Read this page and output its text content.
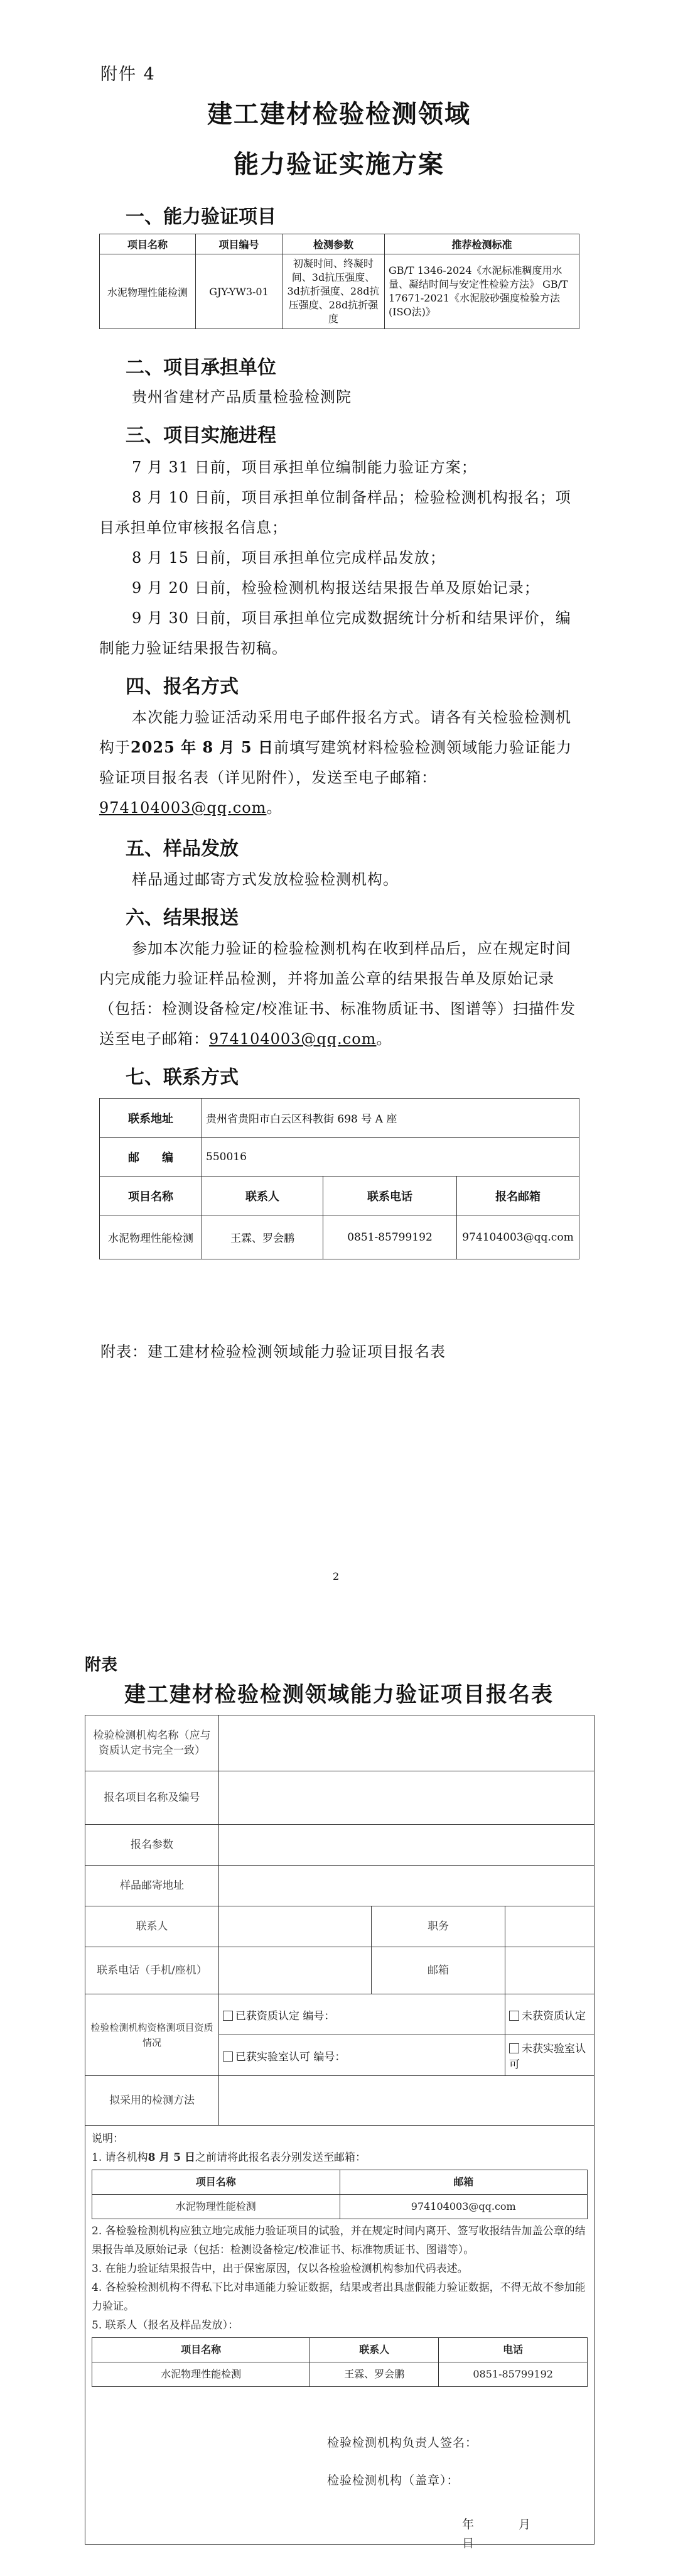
附件 4
建工建材检验检测领域
能力验证实施方案
一、能力验证项目
项目名称	项目编号	检测参数	推荐检测标准
水泥物理性能检测	GJY-YW3-01	初凝时间、终凝时间、3d抗压强度、3d抗折强度、28d抗压强度、28d抗折强度	GB/T 1346-2024《水泥标准稠度用水量、凝结时间与安定性检验方法》 GB/T 17671-2021《水泥胶砂强度检验方法(ISO法)》
二、项目承担单位
贵州省建材产品质量检验检测院
三、项目实施进程
7 月 31 日前，项目承担单位编制能力验证方案；
8 月 10 日前，项目承担单位制备样品；检验检测机构报名；项目承担单位审核报名信息；
8 月 15 日前，项目承担单位完成样品发放；
9 月 20 日前，检验检测机构报送结果报告单及原始记录；
9 月 30 日前，项目承担单位完成数据统计分析和结果评价，编制能力验证结果报告初稿。
四、报名方式
本次能力验证活动采用电子邮件报名方式。请各有关检验检测机构于2025 年 8 月 5 日前填写建筑材料检验检测领域能力验证能力验证项目报名表（详见附件），发送至电子邮箱：974104003@qq.com。
五、样品发放
样品通过邮寄方式发放检验检测机构。
六、结果报送
参加本次能力验证的检验检测机构在收到样品后，应在规定时间内完成能力验证样品检测，并将加盖公章的结果报告单及原始记录（包括：检测设备检定/校准证书、标准物质证书、图谱等）扫描件发送至电子邮箱：974104003@qq.com。
七、联系方式
联系地址	贵州省贵阳市白云区科教街 698 号 A 座		
邮　　编	550016		
项目名称	联系人	联系电话	报名邮箱
水泥物理性能检测	王霖、罗会鹏	0851-85799192	974104003@qq.com
附表：建工建材检验检测领域能力验证项目报名表
2
附表
建工建材检验检测领域能力验证项目报名表
检验检测机构名称（应与资质认定书完全一致）	
报名项目名称及编号	
报名参数	
样品邮寄地址	
联系人		职务	
联系电话（手机/座机）		邮箱	
检验检测机构资格测项目资质情况	已获资质认定 编号：	未获资质认定
已获实验室认可 编号：	未获实验室认可
拟采用的检测方法	

说明：
1. 请各机构8 月 5 日之前请将此报名表分别发送至邮箱：
项目名称	邮箱
水泥物理性能检测	974104003@qq.com
2. 各检验检测机构应独立地完成能力验证项目的试验，并在规定时间内离开、签写收报结告加盖公章的结果报告单及原始记录（包括：检测设备检定/校准证书、标准物质证书、图谱等）。
3. 在能力验证结果报告中，出于保密原因，仅以各检验检测机构参加代码表述。
4. 各检验检测机构不得私下比对串通能力验证数据，结果或者出具虚假能力验证数据，不得无故不参加能力验证。
5. 联系人（报名及样品发放）：
项目名称	联系人	电话
水泥物理性能检测	王霖、罗会鹏	0851-85799192
检验检测机构负责人签名：
检验检测机构（盖章）：
年	月日
